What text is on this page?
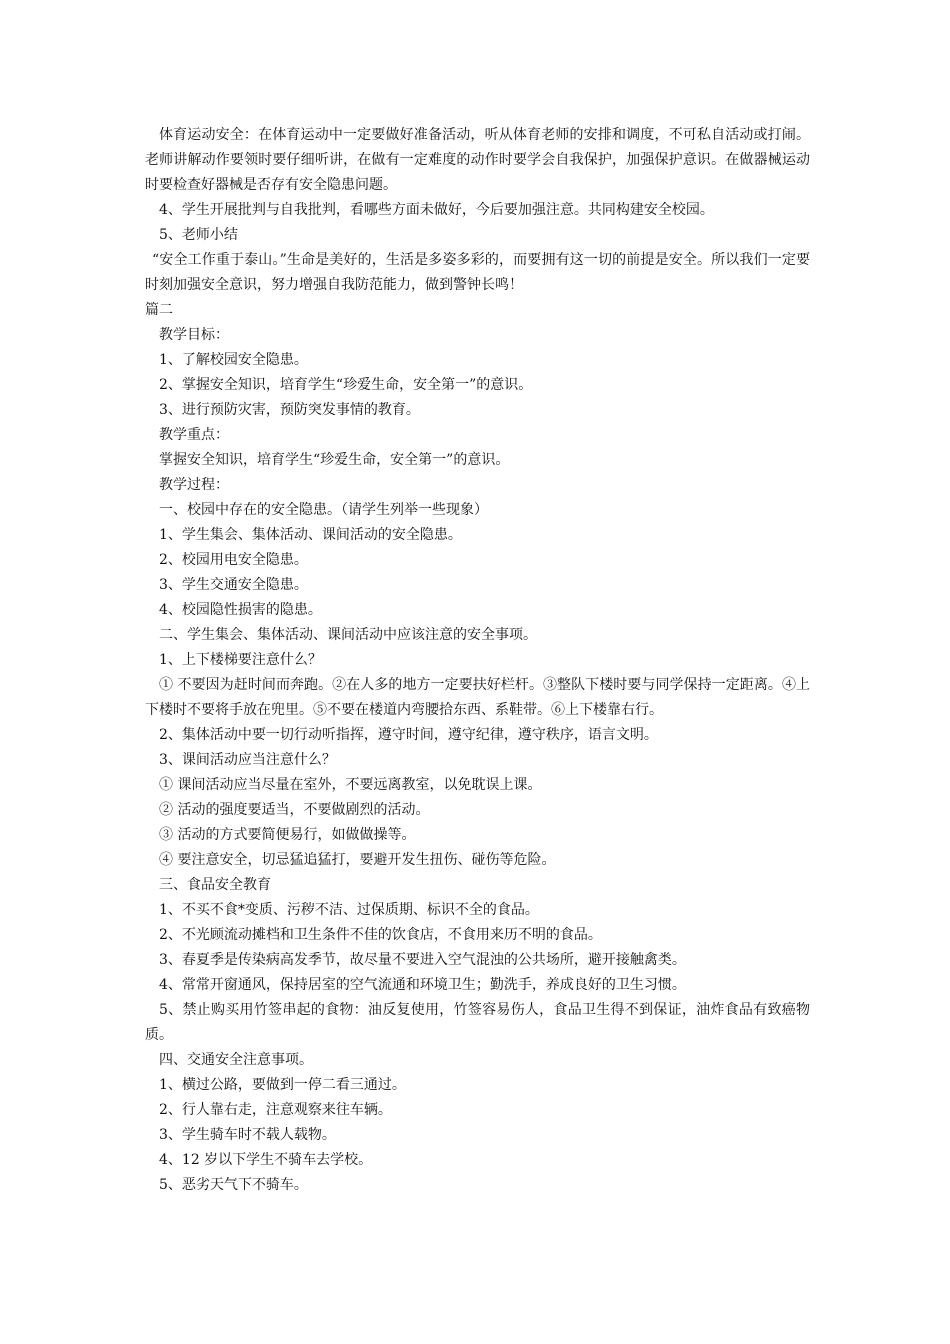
体育运动安全：在体育运动中一定要做好准备活动，听从体育老师的安排和调度，不可私自活动或打闹。老师讲解动作要领时要仔细听讲，在做有一定难度的动作时要学会自我保护，加强保护意识。在做器械运动时要检查好器械是否存有安全隐患问题。

4、学生开展批判与自我批判，看哪些方面未做好，今后要加强注意。共同构建安全校园。

5、老师小结

“安全工作重于泰山。”生命是美好的，生活是多姿多彩的，而要拥有这一切的前提是安全。所以我们一定要时刻加强安全意识，努力增强自我防范能力，做到警钟长鸣！

篇二

教学目标：

1、了解校园安全隐患。

2、掌握安全知识，培育学生“珍爱生命，安全第一”的意识。

3、进行预防灾害，预防突发事情的教育。

教学重点：

掌握安全知识，培育学生“珍爱生命，安全第一”的意识。

教学过程：

一、校园中存在的安全隐患。（请学生列举一些现象）

1、学生集会、集体活动、课间活动的安全隐患。

2、校园用电安全隐患。

3、学生交通安全隐患。

4、校园隐性损害的隐患。

二、学生集会、集体活动、课间活动中应该注意的安全事项。

1、上下楼梯要注意什么？

① 不要因为赶时间而奔跑。②在人多的地方一定要扶好栏杆。③整队下楼时要与同学保持一定距离。④上下楼时不要将手放在兜里。⑤不要在楼道内弯腰拾东西、系鞋带。⑥上下楼靠右行。

2、集体活动中要一切行动听指挥，遵守时间，遵守纪律，遵守秩序，语言文明。

3、课间活动应当注意什么？

① 课间活动应当尽量在室外，不要远离教室，以免耽误上课。

② 活动的强度要适当，不要做剧烈的活动。

③ 活动的方式要简便易行，如做做操等。

④ 要注意安全，切忌猛追猛打，要避开发生扭伤、碰伤等危险。

三、食品安全教育

1、不买不食*变质、污秽不洁、过保质期、标识不全的食品。

2、不光顾流动摊档和卫生条件不佳的饮食店，不食用来历不明的食品。

3、春夏季是传染病高发季节，故尽量不要进入空气混浊的公共场所，避开接触禽类。

4、常常开窗通风，保持居室的空气流通和环境卫生；勤洗手，养成良好的卫生习惯。

5、禁止购买用竹签串起的食物：油反复使用，竹签容易伤人，食品卫生得不到保证，油炸食品有致癌物质。

四、交通安全注意事项。

1、横过公路，要做到一停二看三通过。

2、行人靠右走，注意观察来往车辆。

3、学生骑车时不载人载物。

4、12 岁以下学生不骑车去学校。

5、恶劣天气下不骑车。
